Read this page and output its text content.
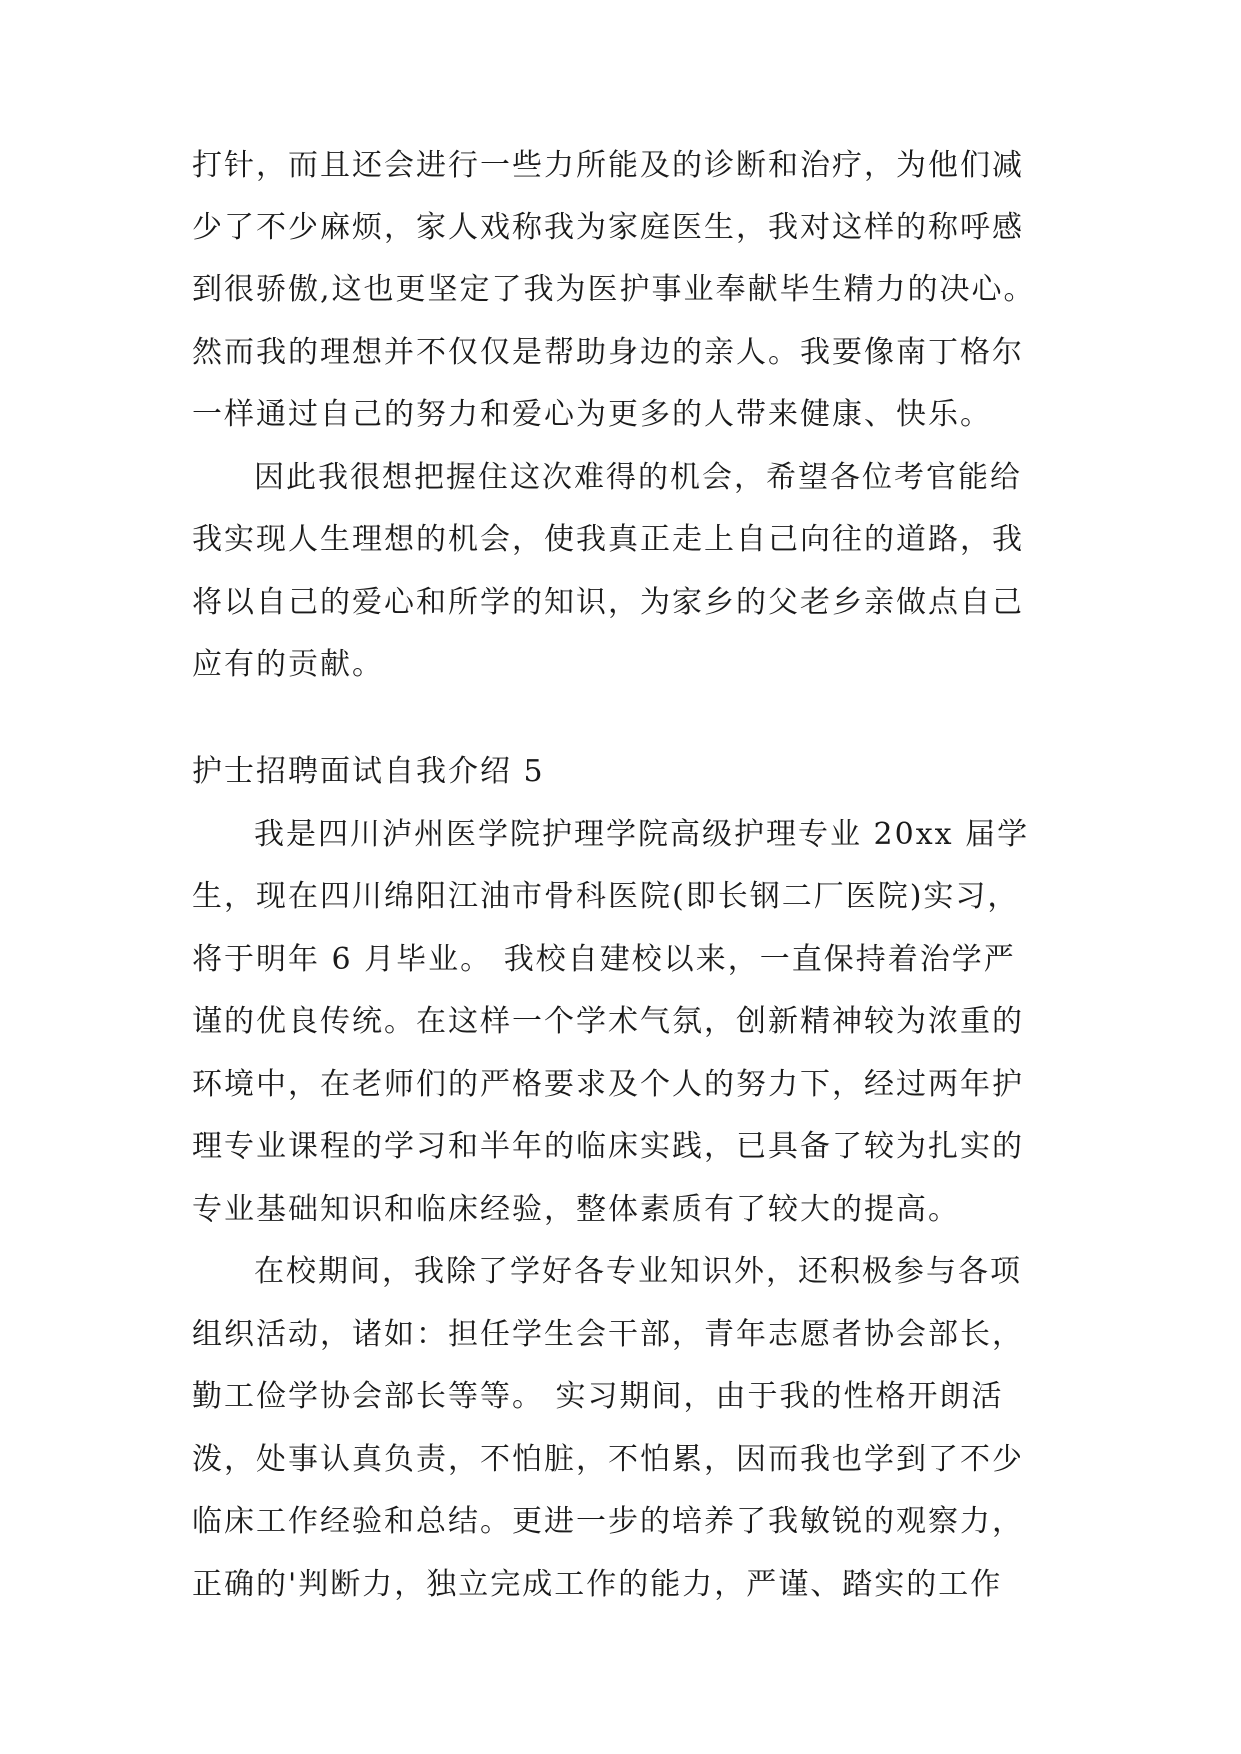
打针，而且还会进行一些力所能及的诊断和治疗，为他们减
少了不少麻烦，家人戏称我为家庭医生，我对这样的称呼感
到很骄傲,这也更坚定了我为医护事业奉献毕生精力的决心。
然而我的理想并不仅仅是帮助身边的亲人。我要像南丁格尔
一样通过自己的努力和爱心为更多的人带来健康、快乐。
因此我很想把握住这次难得的机会，希望各位考官能给
我实现人生理想的机会，使我真正走上自己向往的道路，我
将以自己的爱心和所学的知识，为家乡的父老乡亲做点自己
应有的贡献。
护士招聘面试自我介绍 5
我是四川泸州医学院护理学院高级护理专业 20xx 届学
生，现在四川绵阳江油市骨科医院(即长钢二厂医院)实习，
将于明年 6 月毕业。 我校自建校以来，一直保持着治学严
谨的优良传统。在这样一个学术气氛，创新精神较为浓重的
环境中，在老师们的严格要求及个人的努力下，经过两年护
理专业课程的学习和半年的临床实践，已具备了较为扎实的
专业基础知识和临床经验，整体素质有了较大的提高。
在校期间，我除了学好各专业知识外，还积极参与各项
组织活动，诸如：担任学生会干部，青年志愿者协会部长，
勤工俭学协会部长等等。 实习期间，由于我的性格开朗活
泼，处事认真负责，不怕脏，不怕累，因而我也学到了不少
临床工作经验和总结。更进一步的培养了我敏锐的观察力，
正确的'判断力，独立完成工作的能力，严谨、踏实的工作
